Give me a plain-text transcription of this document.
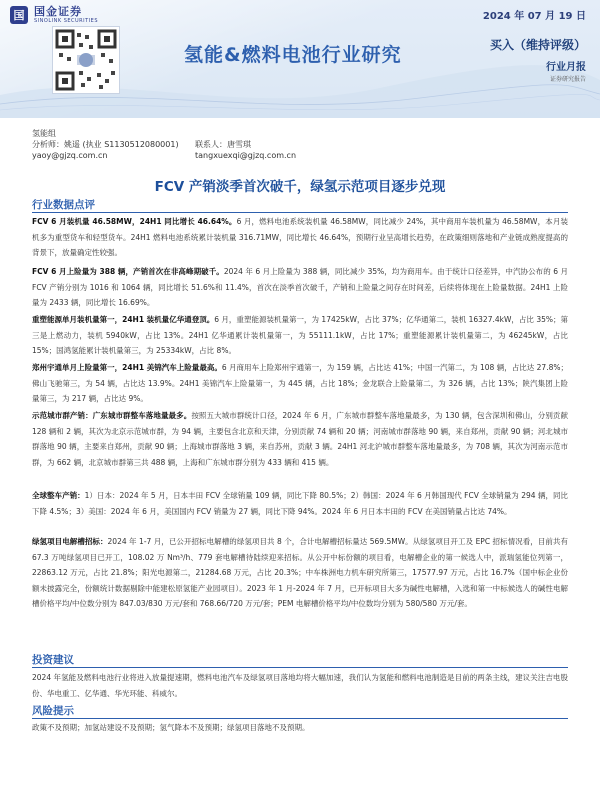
国 国金证券
SINOLINK SECURITIES	2024 年 07 月 19 日
氢能&燃料电池行业研究	买入（维持评级）
行业月报
证券研究报告
氢能组
分析师：姚遥 (执业 S1130512080001)	联系人：唐雪琪
yaoy@gjzq.com.cn	tangxuexqi@gjzq.com.cn
FCV 产销淡季首次破千，绿氢示范项目逐步兑现
行业数据点评

FCV 6 月装机量 46.58MW，24H1 同比增长 46.64%。6 月，燃料电池系统装机量 46.58MW，同比减少 24%，其中商用车装机量为 46.58MW，本月装机多为重型货车和轻型货车。24H1 燃料电池系统累计装机量 316.71MW，同比增长 46.64%，预期行业呈高增长趋势，在政策细则落地和产业链成熟度提高的背景下，放量确定性较强。

FCV 6 月上险量为 388 辆，产销首次在非高峰期破千。2024 年 6 月上险量为 388 辆，同比减少 35%，均为商用车。由于统计口径差异，中汽协公布的 6 月 FCV 产销分别为 1016 和 1064 辆，同比增长 51.6%和 11.4%，首次在淡季首次破千，产销和上险量之间存在时间差，后续将体现在上险量数据。24H1 上险量为 2433 辆，同比增长 16.69%。

重塑能源单月装机量第一，24H1 装机量亿华通登顶。6 月，重塑能源装机量第一，为 17425kW，占比 37%；亿华通第二，装机 16327.4kW，占比 35%；第三是上燃动力，装机 5940kW，占比 13%。24H1 亿华通累计装机量第一，为 55111.1kW，占比 17%；重塑能源累计装机量第二，为 46245kW，占比 15%；国鸿氢能累计装机量第三，为 25334kW，占比 8%。

郑州宇通单月上险量第一，24H1 美锦汽车上险量最高。6 月商用车上险郑州宇通第一，为 159 辆，占比达 41%；中国一汽第二，为 108 辆，占比达 27.8%；佛山飞驰第三，为 54 辆，占比达 13.9%。24H1 美锦汽车上险量第一，为 445 辆，占比 18%；金龙联合上险量第二，为 326 辆，占比 13%；陕汽集团上险量第三，为 217 辆，占比达 9%。

示范城市群产销：广东城市群整车落地量最多。按照五大城市群统计口径，2024 年 6 月，广东城市群整车落地量最多，为 130 辆，包含深圳和佛山，分别贡献 128 辆和 2 辆，其次为北京示范城市群，为 94 辆，主要包含北京和天津，分别贡献 74 辆和 20 辆；河南城市群落地 90 辆，来自郑州，贡献 90 辆；河北城市群落地 90 辆，主要来自郑州，贡献 90 辆；上海城市群落地 3 辆，来自苏州，贡献 3 辆。24H1 河北沪城市群整车落地量最多，为 708 辆，其次为河南示范市群，为 662 辆，北京城市群第三共 488 辆，上海和广东城市群分别为 433 辆和 415 辆。

全球整车产销：1）日本：2024 年 5 月，日本丰田 FCV 全球销量 109 辆，同比下降 80.5%；2）韩国：2024 年 6 月韩国现代 FCV 全球销量为 294 辆，同比下降 4.5%；3）美国：2024 年 6 月，美国国内 FCV 销量为 27 辆，同比下降 94%。2024 年 6 月日本丰田的 FCV 在美国销量占比达 74%。

绿氢项目电解槽招标：2024 年 1-7 月，已公开招标电解槽的绿氢项目共 8 个，合计电解槽招标量达 569.5MW。从绿氢项目开工及 EPC 招标情况看，目前共有 67.3 万吨绿氢项目已开工，108.02 万 Nm³/h、779 套电解槽待陆续迎来招标。从公开中标份额的项目看，电解槽企业的第一候选人中，派瑞氢能位列第一，22863.12 万元，占比 21.8%；阳光电源第二，21284.68 万元，占比 20.3%；中车株洲电力机车研究所第三，17577.97 万元，占比 16.7%（国中标企业份额未披露完全，份额统计数据剔除中能建松原氢能产业园项目）。2023 年 1 月-2024 年 7 月，已开标项目大多为碱性电解槽，入选和第一中标候选人的碱性电解槽价格平均/中位数分别为 847.03/830 万元/套和 768.66/720 万元/套；PEM 电解槽价格平均/中位数均分别为 580/580 万元/套。

投资建议

2024 年氢能及燃料电池行业将进入放量提速期，燃料电池汽车及绿氢项目落地均将大幅加速，我们认为氢能和燃料电池制造是目前的两条主线，建议关注吉电股份、华电重工、亿华通、华光环能、科威尔。

风险提示

政策不及预期；加氢站建设不及预期；氢气降本不及预期；绿氢项目落地不及预期。
